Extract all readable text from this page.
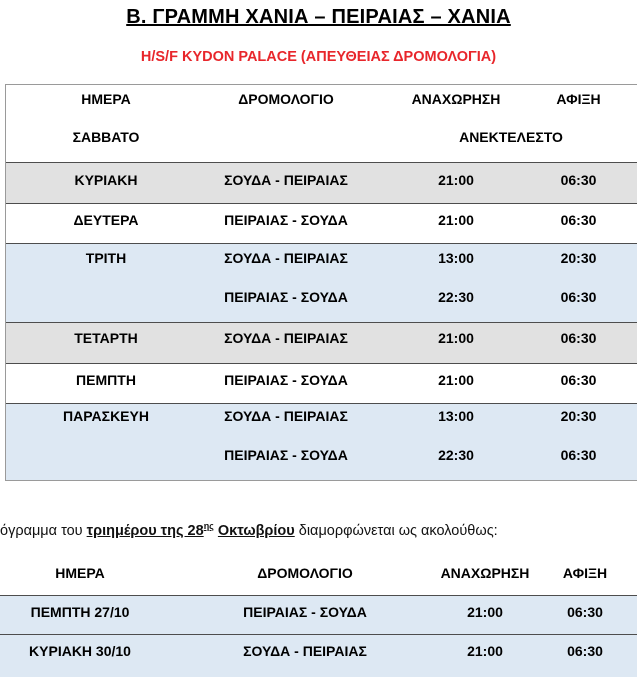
Β. ΓΡΑΜΜΗ ΧΑΝΙΑ – ΠΕΙΡΑΙΑΣ – ΧΑΝΙΑ
H/S/F KYDON PALACE (ΑΠΕΥΘΕΙΑΣ ΔΡΟΜΟΛΟΓΙΑ)
ΗΜΕΡΑ	ΔΡΟΜΟΛΟΓΙΟ	ΑΝΑΧΩΡΗΣΗ	ΑΦΙΞΗ
ΣΑΒΒΑΤΟ	ΑΝΕΚΤΕΛΕΣΤΟ
ΚΥΡΙΑΚΗ	ΣΟΥΔΑ - ΠΕΙΡΑΙΑΣ	21:00	06:30
ΔΕΥΤΕΡΑ	ΠΕΙΡΑΙΑΣ - ΣΟΥΔΑ	21:00	06:30
ΤΡΙΤΗ	ΣΟΥΔΑ - ΠΕΙΡΑΙΑΣ	13:00	20:30
ΠΕΙΡΑΙΑΣ - ΣΟΥΔΑ	22:30	06:30
ΤΕΤΑΡΤΗ	ΣΟΥΔΑ - ΠΕΙΡΑΙΑΣ	21:00	06:30
ΠΕΜΠΤΗ	ΠΕΙΡΑΙΑΣ - ΣΟΥΔΑ	21:00	06:30
ΠΑΡΑΣΚΕΥΗ	ΣΟΥΔΑ - ΠΕΙΡΑΙΑΣ	13:00	20:30
ΠΕΙΡΑΙΑΣ - ΣΟΥΔΑ	22:30	06:30
όγραμμα του τριημέρου της $28^{\eta\varsigma}$ Οκτωβρίου διαμορφώνεται ως ακολούθως:
ΗΜΕΡΑ	ΔΡΟΜΟΛΟΓΙΟ	ΑΝΑΧΩΡΗΣΗ	ΑΦΙΞΗ
ΠΕΜΠΤΗ 27/10	ΠΕΙΡΑΙΑΣ - ΣΟΥΔΑ	21:00	06:30
ΚΥΡΙΑΚΗ 30/10	ΣΟΥΔΑ - ΠΕΙΡΑΙΑΣ	21:00	06:30
